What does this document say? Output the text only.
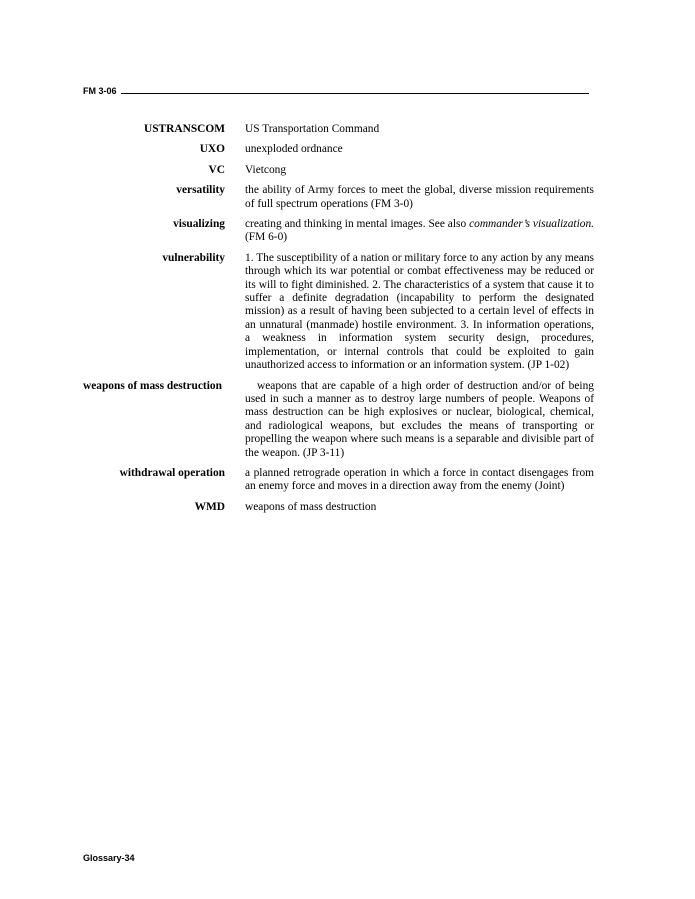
FM 3-06
USTRANSCOM US Transportation Command
UXO unexploded ordnance
VC Vietcong
versatility the ability of Army forces to meet the global, diverse mission requirements of full spectrum operations (FM 3-0)
visualizing creating and thinking in mental images. See also commander’s visualization. (FM 6-0)
vulnerability 1. The susceptibility of a nation or military force to any action by any means through which its war potential or combat effectiveness may be reduced or its will to fight diminished. 2. The characteristics of a system that cause it to suffer a definite degradation (incapability to perform the designated mission) as a result of having been subjected to a certain level of effects in an unnatural (manmade) hostile environment. 3. In information operations, a weakness in information system security design, procedures, implementation, or internal controls that could be exploited to gain unauthorized access to information or an information system. (JP 1-02)
weapons of mass destruction	weapons that are capable of a high order of destruction and/or of being used in such a manner as to destroy large numbers of people. Weapons of mass destruction can be high explosives or nuclear, biological, chemical, and radiological weapons, but excludes the means of transporting or propelling the weapon where such means is a separable and divisible part of the weapon. (JP 3-11)
withdrawal operation a planned retrograde operation in which a force in contact disengages from an enemy force and moves in a direction away from the enemy (Joint)
WMD weapons of mass destruction
Glossary-34
